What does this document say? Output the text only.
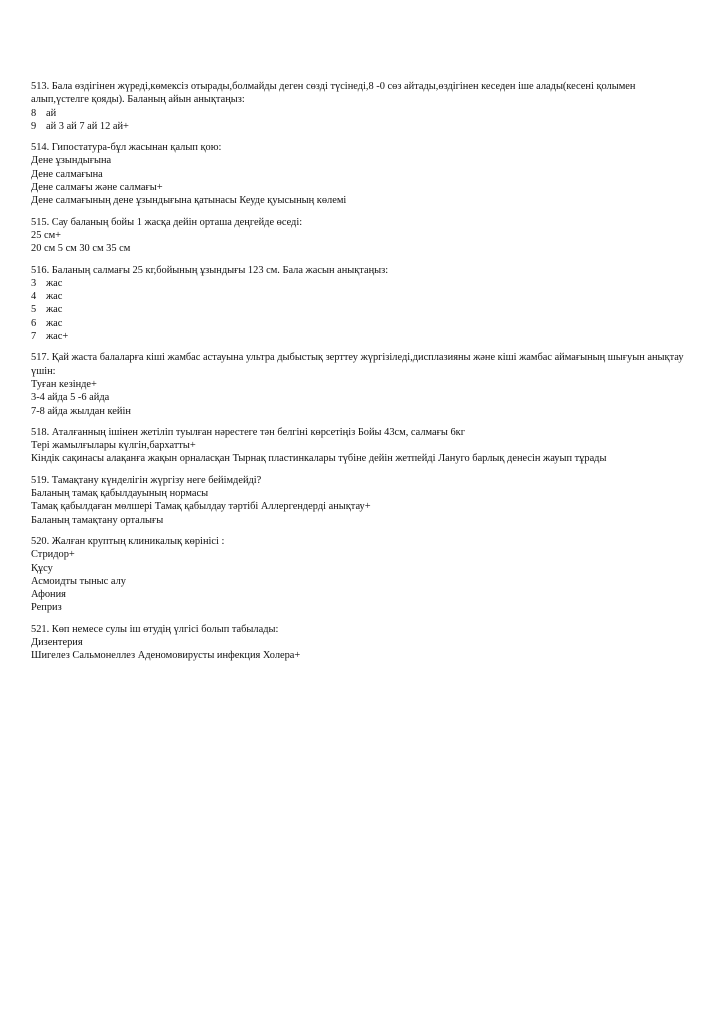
513. Бала өздігінен жүреді,көмексіз отырады,болмайды деген сөзді түсінеді,8 -0 сөз айтады,өздігінен кеседен іше алады(кесені қолымен алып,үстелге қояды). Баланың айын анықтаңыз:
8 ай
9 ай 3 ай 7 ай 12 ай+
514. Гипостатура-бұл жасынан қалып қою:
Дене ұзындығына
Дене салмағына
Дене салмағы және салмағы+
Дене салмағының дене ұзындығына қатынасы Кеуде қуысының көлемі
515. Сау баланың бойы 1 жасқа дейін орташа деңгейде өседі:
25 см+
20 см 5 см 30 см 35 см
516. Баланың салмағы 25 кг,бойының ұзындығы 123 см. Бала жасын анықтаңыз:
3 жас
4 жас
5 жас
6 жас
7 жас+
517. Қай жаста балаларға кіші жамбас астауына ультра дыбыстық зерттеу жүргізіледі,дисплазияны және кіші жамбас аймағының шығуын анықтау үшін:
Туған кезінде+
3-4 айда 5 -6 айда
7-8 айда жылдан кейін
518. Аталғанның ішінен жетіліп туылған нәрестеге тән белгіні көрсетіңіз Бойы 43см, салмағы 6кг
Тері жамылғылары күлгін,бархатты+
Кіндік сақинасы алақанға жақын орналасқан Тырнақ пластинкалары түбіне дейін жетпейді Лануго барлық денесін жауып тұрады
519. Тамақтану күнделігін жүргізу неге бейімдейді?
Баланың тамақ қабылдауының нормасы
Тамақ қабылдаған мөлшері Тамақ қабылдау тәртібі Аллергендерді анықтау+
Баланың тамақтану орталығы
520. Жалған круптың клиникалық көрінісі :
Стридор+
Құсу
Асмоидты тыныс алу
Афония
Реприз
521. Көп немесе сулы іш өтудің үлгісі болып табылады:
Дизентерия
Шигелез Сальмонеллез Аденомовирусты инфекция Холера+
